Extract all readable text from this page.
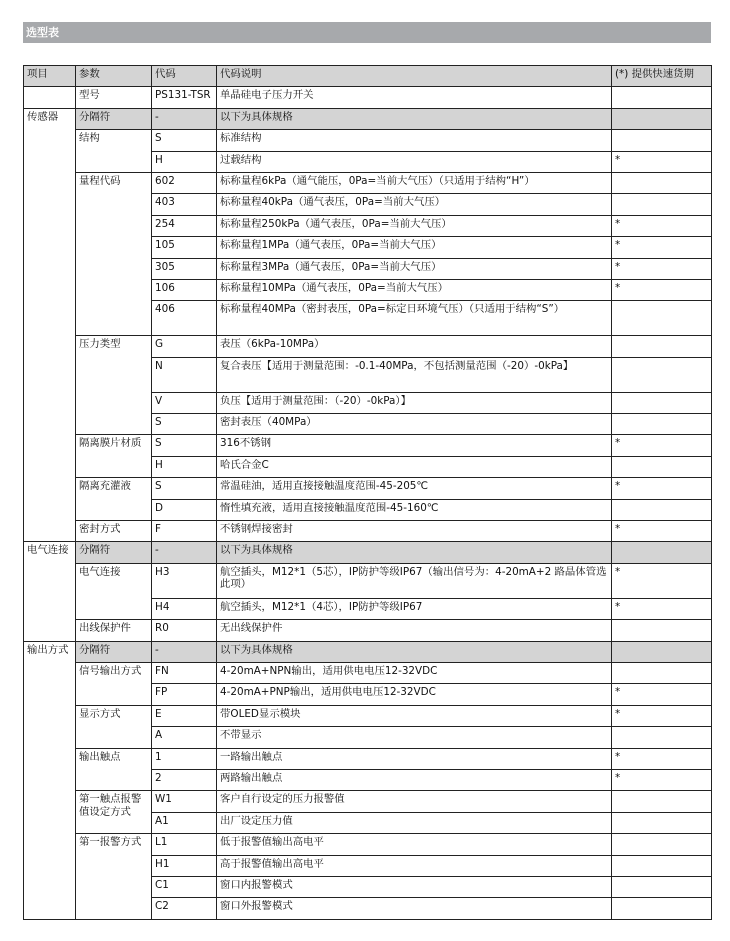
选型表
项目	参数	代码	代码说明	(*) 提供快速货期
	型号	PS131-TSR	单晶硅电子压力开关	
传感器	分隔符	-	以下为具体规格	
	结构	S	标准结构	
		H	过载结构	*
	量程代码	602	标称量程6kPa（通气能压，0Pa=当前大气压）（只适用于结构“H”）	
		403	标称量程40kPa（通气表压，0Pa=当前大气压）	
		254	标称量程250kPa（通气表压，0Pa=当前大气压）	*
		105	标称量程1MPa（通气表压，0Pa=当前大气压）	*
		305	标称量程3MPa（通气表压，0Pa=当前大气压）	*
		106	标称量程10MPa（通气表压，0Pa=当前大气压）	*
		406	标称量程40MPa（密封表压，0Pa=标定日环境气压）（只适用于结构“S”）	
	压力类型	G	表压（6kPa-10MPa）	
		N	复合表压【适用于测量范围：-0.1-40MPa，不包括测量范围（-20）-0kPa】	
		V	负压【适用于测量范围：（-20）-0kPa）】	
		S	密封表压（40MPa）	
	隔离膜片材质	S	316不锈钢	*
		H	哈氏合金C	
	隔离充灌液	S	常温硅油，适用直接接触温度范围-45-205℃	*
		D	惰性填充液，适用直接接触温度范围-45-160℃	
	密封方式	F	不锈钢焊接密封	*
电气连接	分隔符	-	以下为具体规格	
	电气连接	H3	航空插头，M12*1（5芯），IP防护等级IP67（输出信号为：4-20mA+2 路晶体管选此项）	*
		H4	航空插头，M12*1（4芯），IP防护等级IP67	*
	出线保护件	R0	无出线保护件	
输出方式	分隔符	-	以下为具体规格	
	信号输出方式	FN	4-20mA+NPN输出，适用供电电压12-32VDC	
		FP	4-20mA+PNP输出，适用供电电压12-32VDC	*
	显示方式	E	带OLED显示模块	*
		A	不带显示	
	输出触点	1	一路输出触点	*
		2	两路输出触点	*
	第一触点报警值设定方式	W1	客户自行设定的压力报警值	
		A1	出厂设定压力值	
	第一报警方式	L1	低于报警值输出高电平	
		H1	高于报警值输出高电平	
		C1	窗口内报警模式	
		C2	窗口外报警模式	
